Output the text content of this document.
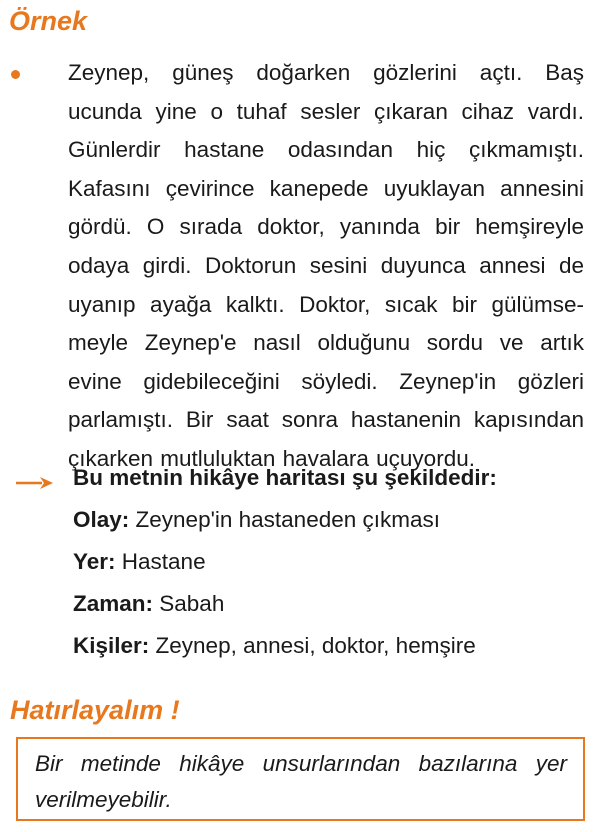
Örnek

Zeynep, güneş doğarken gözlerini açtı. Baş ucunda yine o tuhaf sesler çıkaran cihaz vardı. Günlerdir hastane odasından hiç çıkmamıştı. Kafasını çevirince kanepede uyuklayan annesini gördü. O sırada doktor, yanında bir hemşireyle odaya girdi. Doktorun sesini duyunca annesi de uyanıp ayağa kalktı. Doktor, sıcak bir gülümse-meyle Zeynep'e nasıl olduğunu sordu ve artık evine gidebileceğini söyledi. Zeynep'in gözleri parlamıştı. Bir saat sonra hastanenin kapısından çıkarken mutluluktan havalara uçuyordu.

Bu metnin hikâye haritası şu şekildedir:
Olay: Zeynep'in hastaneden çıkması
Yer: Hastane
Zaman: Sabah
Kişiler: Zeynep, annesi, doktor, hemşire
Hatırlayalım !

Bir metinde hikâye unsurlarından bazılarına yer verilmeyebilir.
